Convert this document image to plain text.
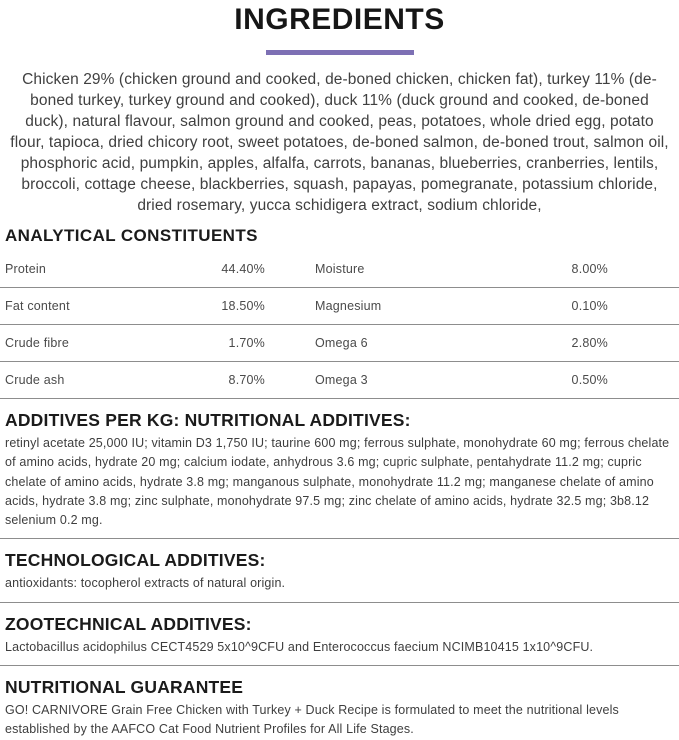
INGREDIENTS

Chicken 29% (chicken ground and cooked, de-boned chicken, chicken fat), turkey 11% (de-boned turkey, turkey ground and cooked), duck 11% (duck ground and cooked, de-boned duck), natural flavour, salmon ground and cooked, peas, potatoes, whole dried egg, potato flour, tapioca, dried chicory root, sweet potatoes, de-boned salmon, de-boned trout, salmon oil, phosphoric acid, pumpkin, apples, alfalfa, carrots, bananas, blueberries, cranberries, lentils, broccoli, cottage cheese, blackberries, squash, papayas, pomegranate, potassium chloride, dried rosemary, yucca schidigera extract, sodium chloride,

ANALYTICAL CONSTITUENTS
Protein	44.40%	Moisture	8.00%
Fat content	18.50%	Magnesium	0.10%
Crude fibre	1.70%	Omega 6	2.80%
Crude ash	8.70%	Omega 3	0.50%
ADDITIVES PER KG: NUTRITIONAL ADDITIVES:

retinyl acetate 25,000 IU; vitamin D3 1,750 IU; taurine 600 mg; ferrous sulphate, monohydrate 60 mg; ferrous chelate of amino acids, hydrate 20 mg; calcium iodate, anhydrous 3.6 mg; cupric sulphate, pentahydrate 11.2 mg; cupric chelate of amino acids, hydrate 3.8 mg; manganous sulphate, monohydrate 11.2 mg; manganese chelate of amino acids, hydrate 3.8 mg; zinc sulphate, monohydrate 97.5 mg; zinc chelate of amino acids, hydrate 32.5 mg; 3b8.12 selenium 0.2 mg.

TECHNOLOGICAL ADDITIVES:

antioxidants: tocopherol extracts of natural origin.

ZOOTECHNICAL ADDITIVES:

Lactobacillus acidophilus CECT4529 5x10^9CFU and Enterococcus faecium NCIMB10415 1x10^9CFU.

NUTRITIONAL GUARANTEE

GO! CARNIVORE Grain Free Chicken with Turkey + Duck Recipe is formulated to meet the nutritional levels established by the AAFCO Cat Food Nutrient Profiles for All Life Stages.
